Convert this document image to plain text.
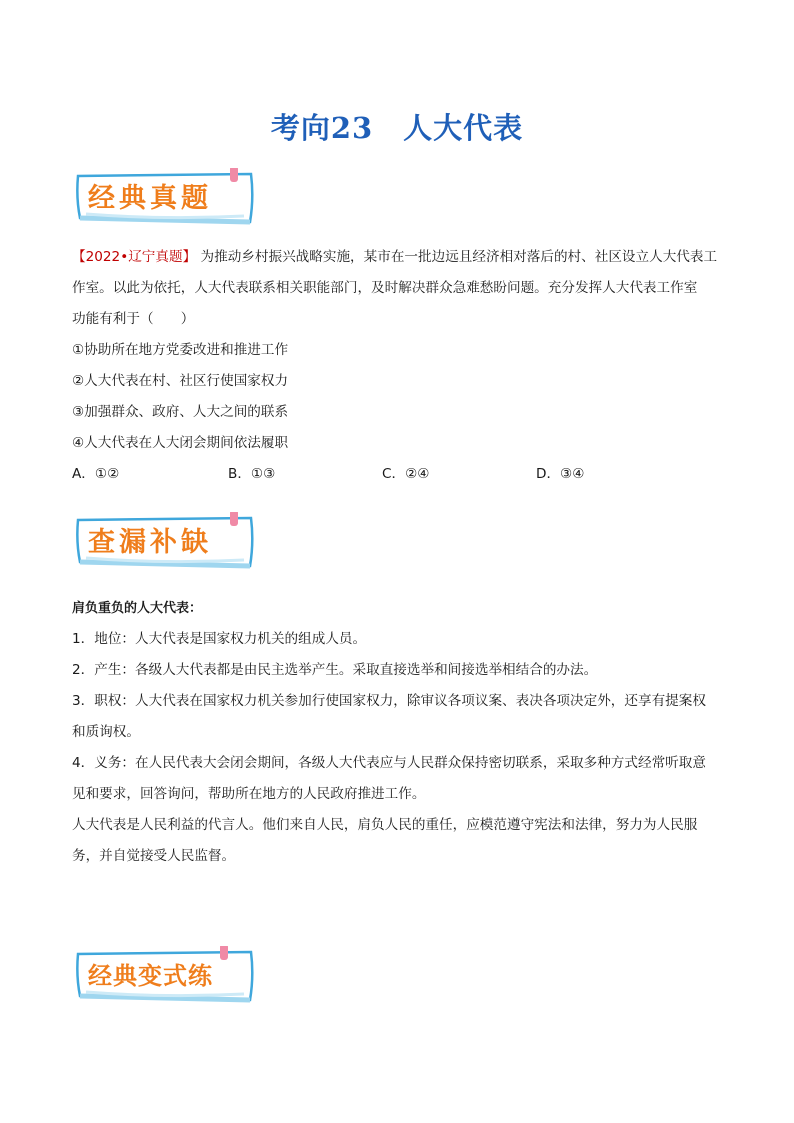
考向23　人大代表
经典真题
【2022•辽宁真题】 为推动乡村振兴战略实施，某市在一批边远且经济相对落后的村、社区设立人大代表工
作室。以此为依托，人大代表联系相关职能部门，及时解决群众急难愁盼问题。充分发挥人大代表工作室
功能有利于（　　）
①协助所在地方党委改进和推进工作
②人大代表在村、社区行使国家权力
③加强群众、政府、人大之间的联系
④人大代表在人大闭会期间依法履职
A．①②	B．①③	C．②④	D．③④
查漏补缺
肩负重负的人大代表：
1．地位：人大代表是国家权力机关的组成人员。
2．产生：各级人大代表都是由民主选举产生。采取直接选举和间接选举相结合的办法。
3．职权：人大代表在国家权力机关参加行使国家权力，除审议各项议案、表决各项决定外，还享有提案权
和质询权。
4．义务：在人民代表大会闭会期间，各级人大代表应与人民群众保持密切联系，采取多种方式经常听取意
见和要求，回答询问，帮助所在地方的人民政府推进工作。
人大代表是人民利益的代言人。他们来自人民，肩负人民的重任，应模范遵守宪法和法律，努力为人民服
务，并自觉接受人民监督。
经典变式练
